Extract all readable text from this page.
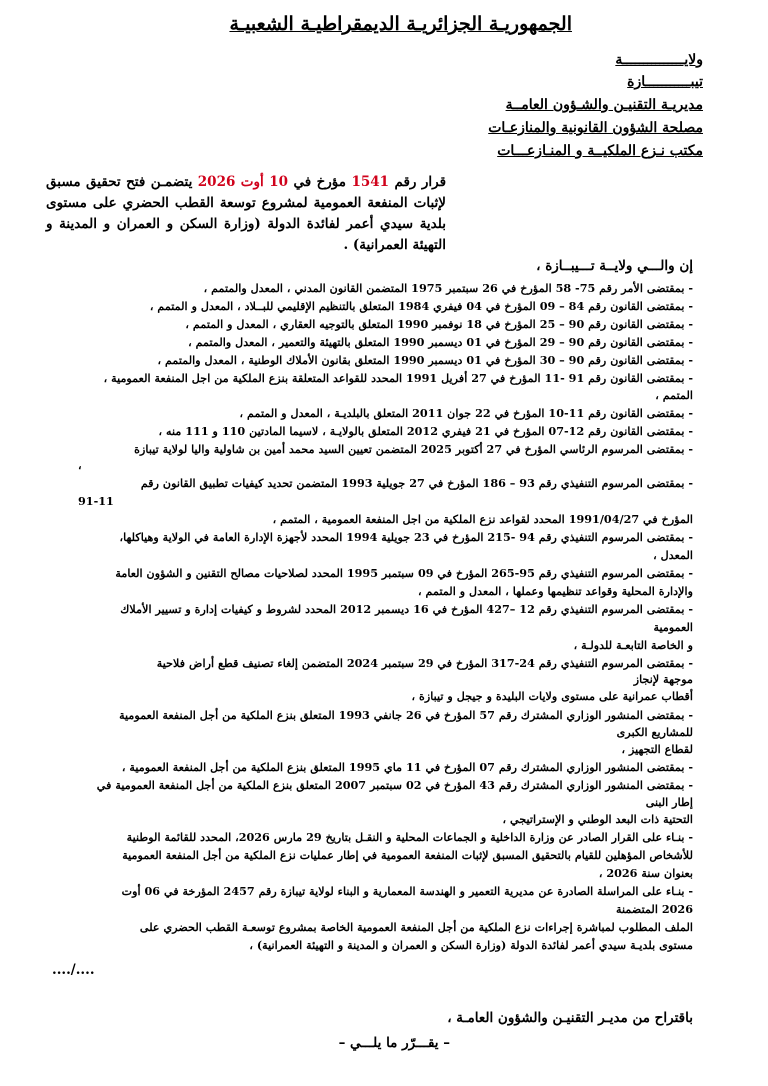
الجمهوريـة الجزائريـة الديمقراطيـة الشعبيـة
ولايـــــــــــــــة
تيبـــــــــــازة
مديريـة التقنيـن والشـؤون العامــة
مصلحة الشؤون القانونية والمنازعـات
مكتب نـزع الملكيــة و المنـازعـــات
قرار رقم 1541 مؤرخ في 10 أوت 2026 يتضمـن فتح تحقيق مسبق لإثبات المنفعة العمومية لمشروع توسعة القطب الحضري على مستوى بلدية سيدي أعمر لفائدة الدولة (وزارة السكن و العمران و المدينة و التهيئة العمرانية) .
إن والـــي ولايــة تـــيبــازة ،
- بمقتضى الأمر رقم 75- 58 المؤرخ في 26 سبتمبر 1975 المتضمن القانون المدني ، المعدل والمتمم ،
- بمقتضى القانون رقم 84 – 09 المؤرخ في 04 فيفري 1984 المتعلق بالتنظيم الإقليمي للبــلاد ، المعدل و المتمم ،
- بمقتضى القانون رقم 90 – 25 المؤرخ في 18 نوفمبر 1990 المتعلق بالتوجيه العقاري ، المعدل و المتمم ،
- بمقتضى القانون رقم 90 – 29 المؤرخ في 01 ديسمبر 1990 المتعلق بالتهيئة والتعمير ، المعدل والمتمم ،
- بمقتضى القانون رقم 90 – 30 المؤرخ في 01 ديسمبر 1990 المتعلق بقانون الأملاك الوطنية ، المعدل والمتمم ،
- بمقتضى القانون رقم 91 -11 المؤرخ في 27 أفريل 1991 المحدد للقواعد المتعلقة بنزع الملكية من اجل المنفعة العمومية ،
المتمم ،
- بمقتضى القانون رقم 11-10 المؤرخ في 22 جوان 2011 المتعلق بالبلديـة ، المعدل و المتمم ،
- بمقتضى القانون رقم 12-07 المؤرخ في 21 فيفري 2012 المتعلق بالولايـة ، لاسيما المادتين 110 و 111 منه ،
- بمقتضى المرسوم الرئاسي المؤرخ في 27 أكتوبر 2025 المتضمن تعيين السيد محمد أمين بن شاولية واليا لولاية تيبازة
،
- بمقتضى المرسوم التنفيذي رقم 93 – 186 المؤرخ في 27 جويلية 1993 المتضمن تحديد كيفيات تطبيق القانون رقم
91-11
المؤرخ في 1991/04/27 المحدد لقواعد نزع الملكية من اجل المنفعة العمومية ، المتمم ،
- بمقتضى المرسوم التنفيذي رقم 94 -215 المؤرخ في 23 جويلية 1994 المحدد لأجهزة الإدارة العامة في الولاية وهياكلها،
المعدل ،
- بمقتضى المرسوم التنفيذي رقم 95-265 المؤرخ في 09 سبتمبر 1995 المحدد لصلاحيات مصالح التقنين و الشؤون العامة
والإدارة المحلية وقواعد تنظيمها وعملها ، المعدل و المتمم ،
- بمقتضى المرسوم التنفيذي رقم 12 –427 المؤرخ في 16 ديسمبر 2012 المحدد لشروط و كيفيات إدارة و تسيير الأملاك
العمومية
و الخاصة التابعـة للدولـة ،
- بمقتضى المرسوم التنفيذي رقم 24-317 المؤرخ في 29 سبتمبر 2024 المتضمن إلغاء تصنيف قطع أراض فلاحية
موجهة لإنجاز
أقطاب عمرانية على مستوى ولايات البليدة و جيجل و تيبازة ،
- بمقتضى المنشور الوزاري المشترك رقم 57 المؤرخ في 26 جانفي 1993 المتعلق بنزع الملكية من أجل المنفعة العمومية
للمشاريع الكبرى
لقطاع التجهيز ،
- بمقتضى المنشور الوزاري المشترك رقم 07 المؤرخ في 11 ماي 1995 المتعلق بنزع الملكية من أجل المنفعة العمومية ،
- بمقتضى المنشور الوزاري المشترك رقم 43 المؤرخ في 02 سبتمبر 2007 المتعلق بنزع الملكية من أجل المنفعة العمومية في
إطار البنى
التحتية ذات البعد الوطني و الإستراتيجي ،
- بنـاء على القرار الصادر عن وزارة الداخلية و الجماعات المحلية و النقـل بتاريخ 29 مارس 2026، المحدد للقائمة الوطنية
للأشخاص المؤهلين للقيام بالتحقيق المسبق لإثبات المنفعة العمومية في إطار عمليات نزع الملكية من أجل المنفعة العمومية
بعنوان سنة 2026 ،
- بنـاء على المراسلة الصادرة عن مديرية التعمير و الهندسة المعمارية و البناء لولاية تيبازة رقم 2457 المؤرخة في 06 أوت
2026 المتضمنة
الملف المطلوب لمباشرة إجراءات نزع الملكية من أجل المنفعة العمومية الخاصة بمشروع توسعـة القطب الحضري على
مستوى بلديـة سيدي أعمر لفائدة الدولة (وزارة السكن و العمران و المدينة و التهيئة العمرانية) ،
..../....
باقتراح من مديـر التقنيـن والشؤون العامـة ،
– يقـــرّر ما يلـــي –
